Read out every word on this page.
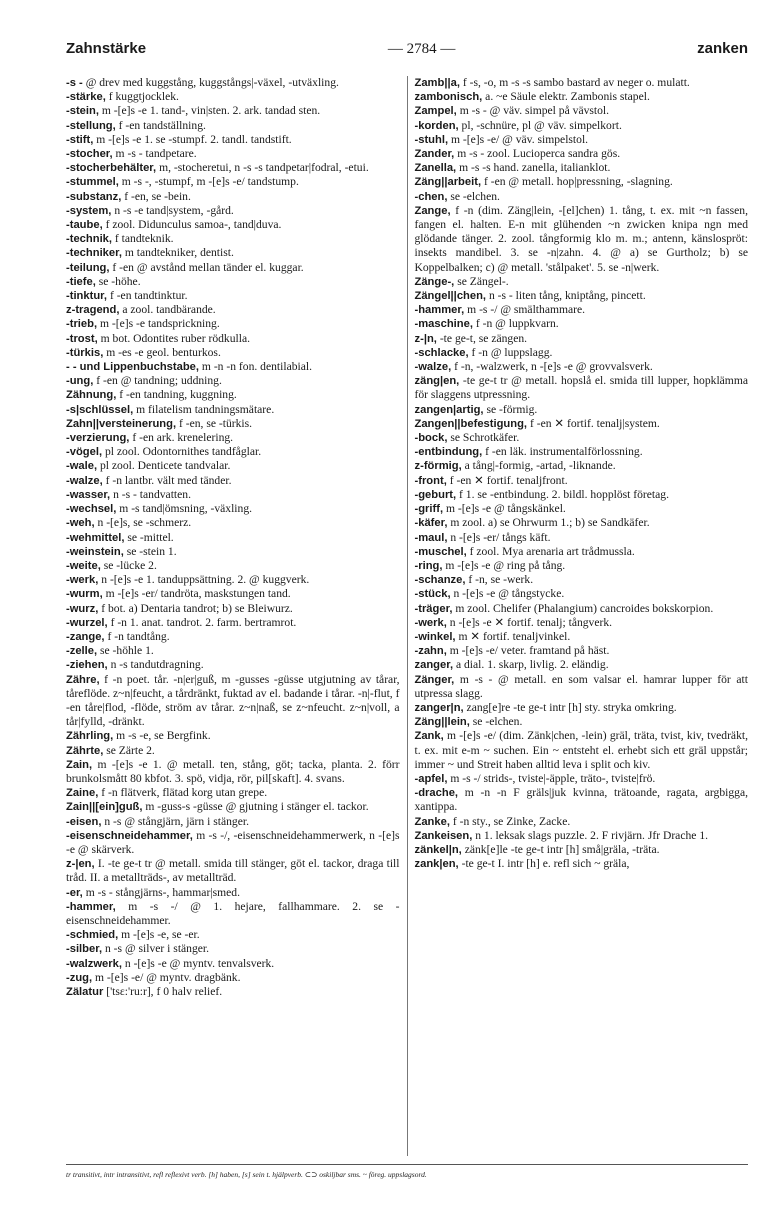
Zahnstärke	— 2784 —	zanken
-s - @ drev med kuggstång, kuggstångs|-växel, -utväxling.
-stärke, f kuggtjocklek.
-stein, m -[e]s -e 1. tand-, vin|sten. 2. ark. tandad sten.
-stellung, f -en tandställning.
-stift, m -[e]s -e 1. se -stumpf. 2. tandl. tandstift.
-stocher, m -s - tandpetare.
-stocherbehälter, m, -stocheretui, n -s -s tandpetar|fodral, -etui.
-stummel, m -s -, -stumpf, m -[e]s -e/ tandstump.
-substanz, f -en, se -bein.
-system, n -s -e tand|system, -gård.
-taube, f zool. Didunculus samoa-, tand|duva.
-technik, f tandteknik.
-techniker, m tandtekniker, dentist.
-teilung, f -en @ avstånd mellan tänder el. kuggar.
-tiefe, se -höhe.
-tinktur, f -en tandtinktur.
z-tragend, a zool. tandbärande.
-trieb, m -[e]s -e tandsprickning.
-trost, m bot. Odontites ruber rödkulla.
-türkis, m -es -e geol. benturkos.
- - und Lippenbuchstabe, m -n -n fon. dentilabial.
-ung, f -en @ tandning; uddning.
Zähnung, f -en tandning, kuggning.
-s|schlüssel, m filatelism tandningsmätare.
Zahn||versteinerung, f -en, se -türkis.
-verzierung, f -en ark. krenelering.
-vögel, pl zool. Odontornithes tandfåglar.
-wale, pl zool. Denticete tandvalar.
-walze, f -n lantbr. vält med tänder.
-wasser, n -s - tandvatten.
-wechsel, m -s tand|ömsning, -växling.
-weh, n -[e]s, se -schmerz.
-wehmittel, se -mittel.
-weinstein, se -stein 1.
-weite, se -lücke 2.
-werk, n -[e]s -e 1. tanduppsättning. 2. @ kuggverk.
-wurm, m -[e]s -er/ tandröta, maskstungen tand.
-wurz, f bot. a) Dentaria tandrot; b) se Bleiwurz.
-wurzel, f -n 1. anat. tandrot. 2. farm. bertramrot.
-zange, f -n tandtång.
-zelle, se -höhle 1.
-ziehen, n -s tandutdragning.
Zähre, f -n poet. tår. -n|er|guß, m -gusses -güsse utgjutning av tårar, tåreflöde. z~n|feucht, a tårdränkt, fuktad av el. badande i tårar. -n|-flut, f -en tåre|flod, -flöde, ström av tårar. z~n|naß, se z~nfeucht. z~n|voll, a tår|fylld, -dränkt.
Zährling, m -s -e, se Bergfink.
Zährte, se Zärte 2.
Zain, m -[e]s -e 1. @ metall. ten, stång, göt; tacka, planta. 2. förr brunkolsmått 80 kbfot. 3. spö, vidja, rör, pil[skaft]. 4. svans.
Zaine, f -n flätverk, flätad korg utan grepe.
Zain||[ein]guß, m -guss-s -güsse @ gjutning i stänger el. tackor.
-eisen, n -s @ stångjärn, järn i stänger.
-eisenschneidehammer, m -s -/, -eisenschneidehammerwerk, n -[e]s -e @ skärverk.
z-|en, I. -te ge-t tr @ metall. smida till stänger, göt el. tackor, draga till tråd. II. a metallträds-, av metallträd.
-er, m -s - stångjärns-, hammar|smed.
-hammer, m -s -/ @ 1. hejare, fallhammare. 2. se -eisenschneidehammer.
-schmied, m -[e]s -e, se -er.
-silber, n -s @ silver i stänger.
-walzwerk, n -[e]s -e @ myntv. tenvalsverk.
-zug, m -[e]s -e/ @ myntv. dragbänk.
Zälatur ['tsɛ:'ru:r], f 0 halv relief.
Zamb||a, f -s, -o, m -s -s sambo bastard av neger o. mulatt.
zambonisch, a. ~e Säule elektr. Zambonis stapel.
Zampel, m -s - @ väv. simpel på vävstol.
-korden, pl, -schnüre, pl @ väv. simpelkort.
-stuhl, m -[e]s -e/ @ väv. simpelstol.
Zander, m -s - zool. Lucioperca sandra gös.
Zanella, m -s -s hand. zanella, italianklot.
Zäng||arbeit, f -en @ metall. hop|pressning, -slagning.
-chen, se -elchen.
Zange, f -n (dim. Zäng|lein, -[el]chen) 1. tång, t. ex. mit ~n fassen, fangen el. halten. E-n mit glühenden ~n zwicken knipa ngn med glödande tänger. 2. zool. tångformig klo m. m.; antenn, känslospröt: insekts mandibel. 3. se -n|zahn. 4. @ a) se Gurtholz; b) se Koppelbalken; c) @ metall. 'stålpaket'. 5. se -n|werk.
Zänge-, se Zängel-.
Zängel||chen, n -s - liten tång, kniptång, pincett.
-hammer, m -s -/ @ smälthammare.
-maschine, f -n @ luppkvarn.
z-|n, -te ge-t, se zängen.
-schlacke, f -n @ luppslagg.
-walze, f -n, -walzwerk, n -[e]s -e @ grovvalsverk.
zäng|en, -te ge-t tr @ metall. hopslå el. smida till lupper, hopklämma för slaggens utpressning.
zangen|artig, se -förmig.
Zangen||befestigung, f -en ✕ fortif. tenalj|system.
-bock, se Schrotkäfer.
-entbindung, f -en läk. instrumentalförlossning.
z-förmig, a tång|-formig, -artad, -liknande.
-front, f -en ✕ fortif. tenaljfront.
-geburt, f 1. se -entbindung. 2. bildl. hopplöst företag.
-griff, m -[e]s -e @ tångskänkel.
-käfer, m zool. a) se Ohrwurm 1.; b) se Sandkäfer.
-maul, n -[e]s -er/ tångs käft.
-muschel, f zool. Mya arenaria art trådmussla.
-ring, m -[e]s -e @ ring på tång.
-schanze, f -n, se -werk.
-stück, n -[e]s -e @ tångstycke.
-träger, m zool. Chelifer (Phalangium) cancroides bokskorpion.
-werk, n -[e]s -e ✕ fortif. tenalj; tångverk.
-winkel, m ✕ fortif. tenaljvinkel.
-zahn, m -[e]s -e/ veter. framtand på häst.
zanger, a dial. 1. skarp, livlig. 2. eländig.
Zänger, m -s - @ metall. en som valsar el. hamrar lupper för att utpressa slagg.
zanger|n, zang[e]re -te ge-t intr [h] sty. stryka omkring.
Zäng||lein, se -elchen.
Zank, m -[e]s -e/ (dim. Zänk|chen, -lein) gräl, träta, tvist, kiv, tvedräkt, t. ex. mit e-m ~ suchen. Ein ~ entsteht el. erhebt sich ett gräl uppstår; immer ~ und Streit haben alltid leva i split och kiv.
-apfel, m -s -/ strids-, tviste|-äpple, träto-, tviste|frö.
-drache, m -n -n F gräls|juk kvinna, trätoande, ragata, argbigga, xantippa.
Zanke, f -n sty., se Zinke, Zacke.
Zankeisen, n 1. leksak slags puzzle. 2. F rivjärn. Jfr Drache 1.
zänkel|n, zänk[e]le -te ge-t intr [h] små|gräla, -träta.
zank|en, -te ge-t I. intr [h] e. refl sich ~ gräla,
tr transitivt, intr intransitivt, refl reflexivt verb. [h] haben, [s] sein t. hjälpverb. ⊂⊃ oskiljbar sms. ~ föreg. uppslagsord.
